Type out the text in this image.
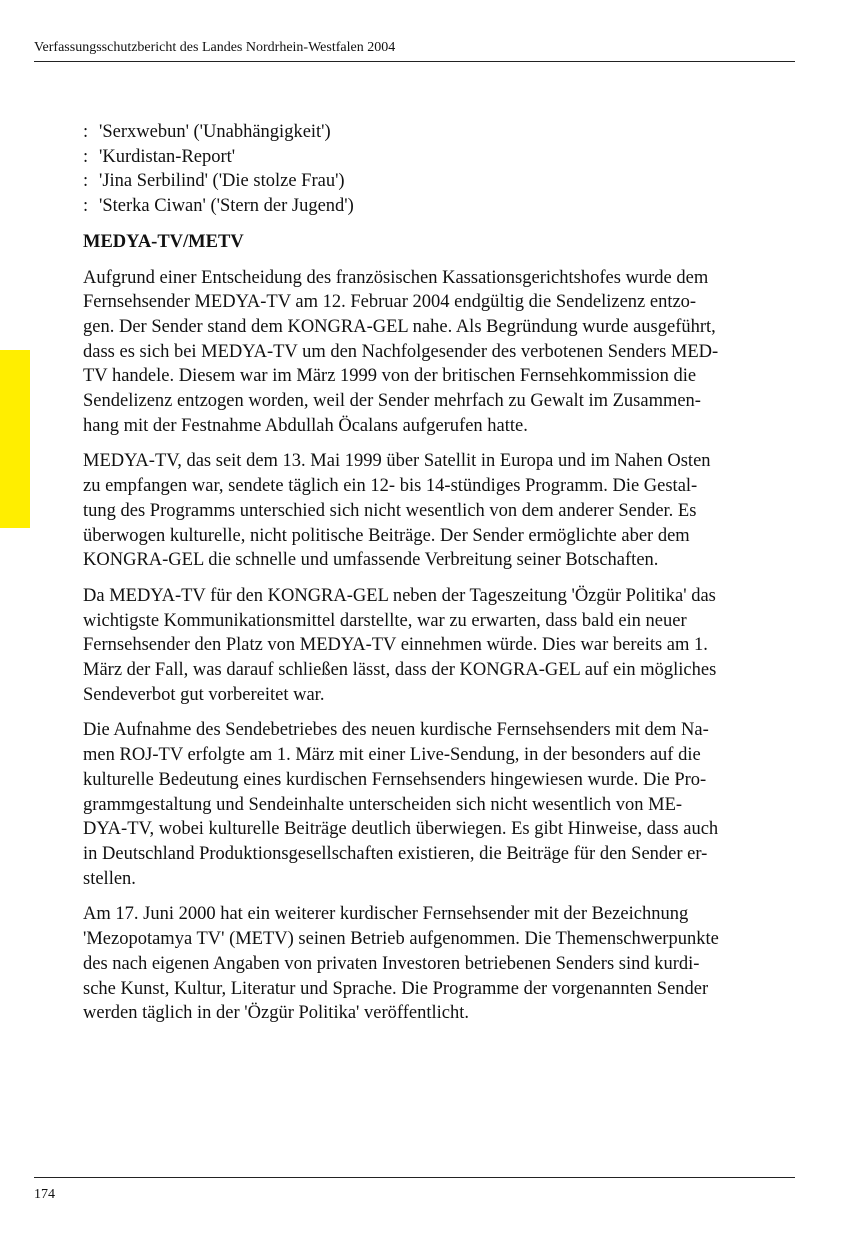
Verfassungsschutzbericht des Landes Nordrhein-Westfalen 2004
: 'Serxwebun' ('Unabhängigkeit')
: 'Kurdistan-Report'
: 'Jina Serbilind' ('Die stolze Frau')
: 'Sterka Ciwan' ('Stern der Jugend')
MEDYA-TV/METV

Aufgrund einer Entscheidung des französischen Kassationsgerichtshofes wurde dem
Fernsehsender MEDYA-TV am 12. Februar 2004 endgültig die Sendelizenz entzo-
gen. Der Sender stand dem KONGRA-GEL nahe. Als Begründung wurde ausgeführt,
dass es sich bei MEDYA-TV um den Nachfolgesender des verbotenen Senders MED-
TV handele. Diesem war im März 1999 von der britischen Fernsehkommission die
Sendelizenz entzogen worden, weil der Sender mehrfach zu Gewalt im Zusammen-
hang mit der Festnahme Abdullah Öcalans aufgerufen hatte.

MEDYA-TV, das seit dem 13. Mai 1999 über Satellit in Europa und im Nahen Osten
zu empfangen war, sendete täglich ein 12- bis 14-stündiges Programm. Die Gestal-
tung des Programms unterschied sich nicht wesentlich von dem anderer Sender. Es
überwogen kulturelle, nicht politische Beiträge. Der Sender ermöglichte aber dem
KONGRA-GEL die schnelle und umfassende Verbreitung seiner Botschaften.

Da MEDYA-TV für den KONGRA-GEL neben der Tageszeitung 'Özgür Politika' das
wichtigste Kommunikationsmittel darstellte, war zu erwarten, dass bald ein neuer
Fernsehsender den Platz von MEDYA-TV einnehmen würde. Dies war bereits am 1.
März der Fall, was darauf schließen lässt, dass der KONGRA-GEL auf ein mögliches
Sendeverbot gut vorbereitet war.

Die Aufnahme des Sendebetriebes des neuen kurdische Fernsehsenders mit dem Na-
men ROJ-TV erfolgte am 1. März mit einer Live-Sendung, in der besonders auf die
kulturelle Bedeutung eines kurdischen Fernsehsenders hingewiesen wurde. Die Pro-
grammgestaltung und Sendeinhalte unterscheiden sich nicht wesentlich von ME-
DYA-TV, wobei kulturelle Beiträge deutlich überwiegen. Es gibt Hinweise, dass auch
in Deutschland Produktionsgesellschaften existieren, die Beiträge für den Sender er-
stellen.

Am 17. Juni 2000 hat ein weiterer kurdischer Fernsehsender mit der Bezeichnung
'Mezopotamya TV' (METV) seinen Betrieb aufgenommen. Die Themenschwerpunkte
des nach eigenen Angaben von privaten Investoren betriebenen Senders sind kurdi-
sche Kunst, Kultur, Literatur und Sprache. Die Programme der vorgenannten Sender
werden täglich in der 'Özgür Politika' veröffentlicht.

174
